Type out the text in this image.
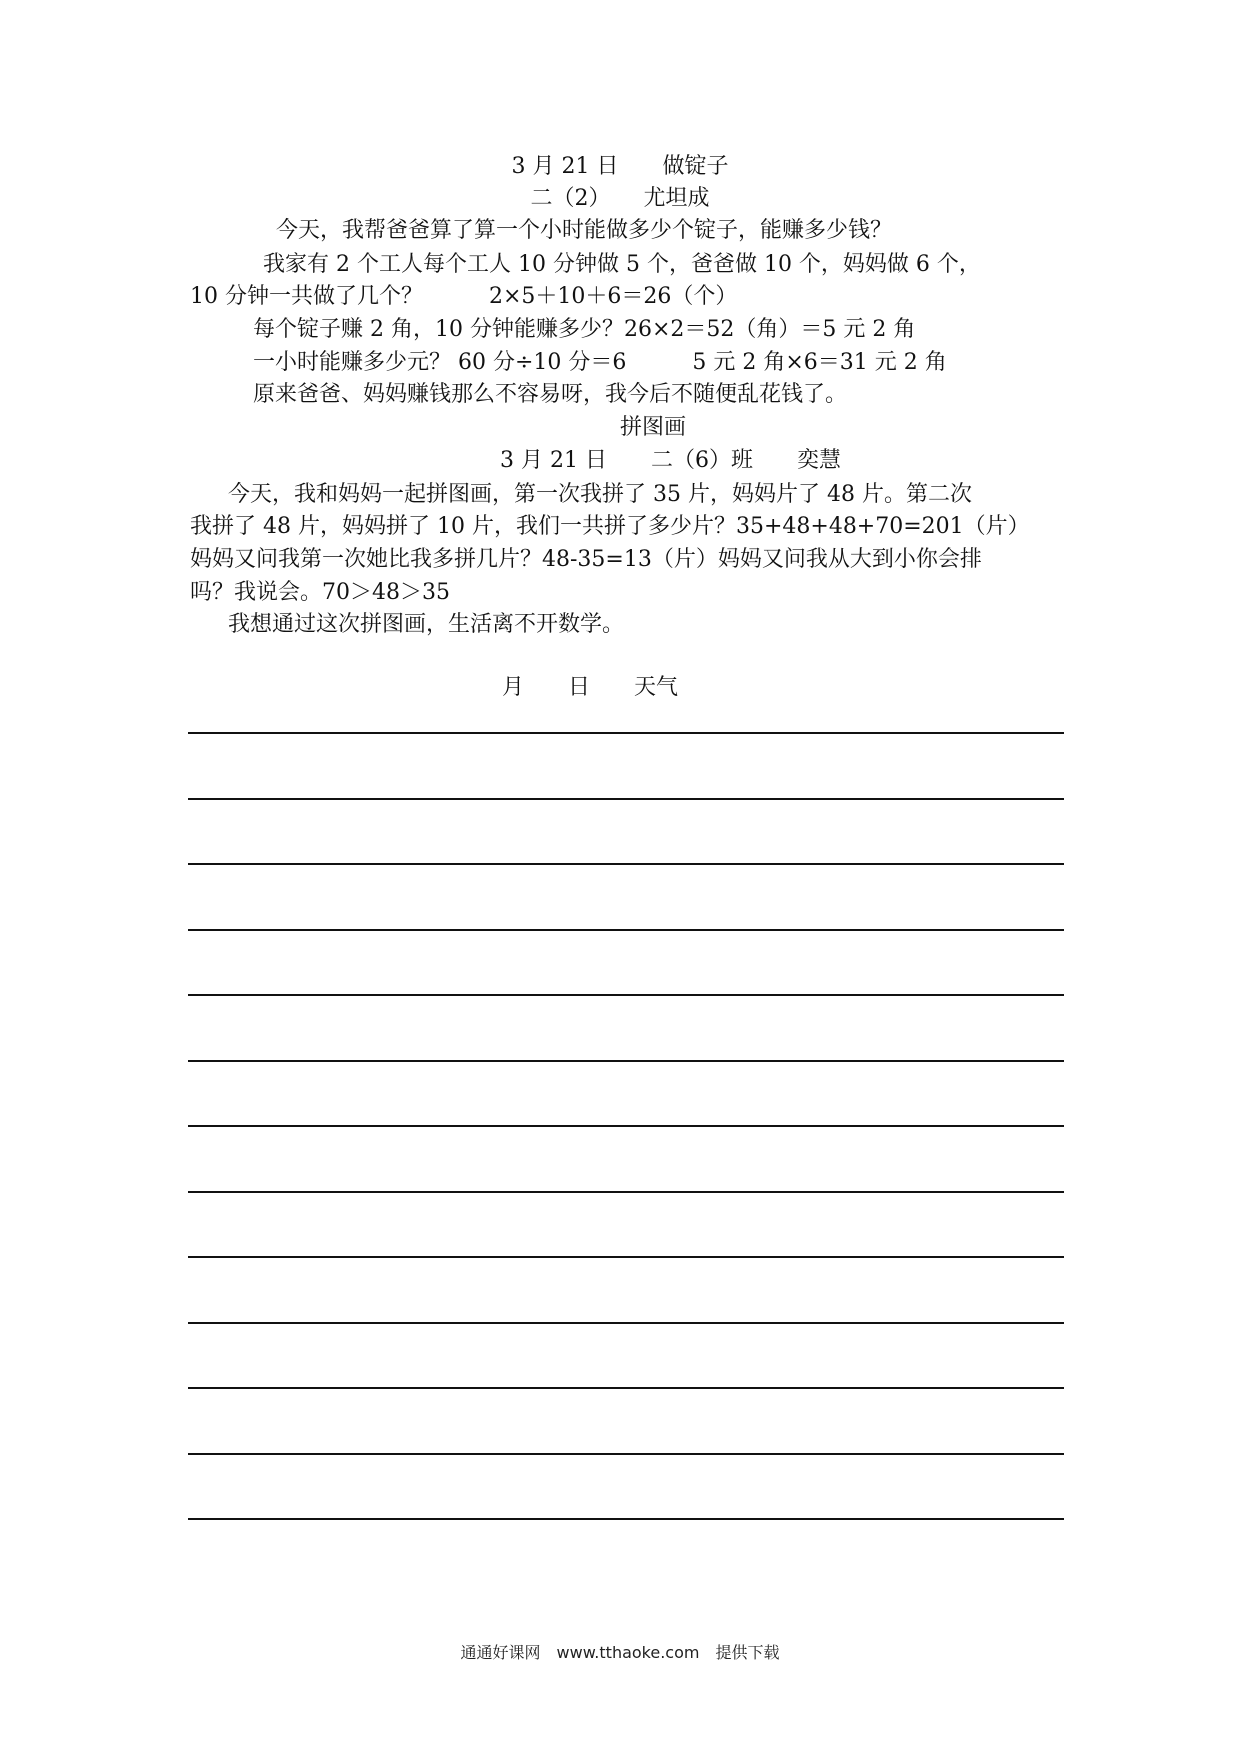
3 月 21 日　　做锭子
二（2）　　尤坦成
今天，我帮爸爸算了算一个小时能做多少个锭子，能赚多少钱？
我家有 2 个工人每个工人 10 分钟做 5 个，爸爸做 10 个，妈妈做 6 个，
10 分钟一共做了几个？　　　2×5＋10＋6＝26（个）
每个锭子赚 2 角，10 分钟能赚多少？26×2＝52（角）＝5 元 2 角
一小时能赚多少元？ 60 分÷10 分＝6　　　5 元 2 角×6＝31 元 2 角
原来爸爸、妈妈赚钱那么不容易呀，我今后不随便乱花钱了。
拼图画
3 月 21 日　　二（6）班　　奕慧
今天，我和妈妈一起拼图画，第一次我拼了 35 片，妈妈片了 48 片。第二次
我拼了 48 片，妈妈拼了 10 片，我们一共拼了多少片？35+48+48+70=201（片）
妈妈又问我第一次她比我多拼几片？48-35=13（片）妈妈又问我从大到小你会排
吗？我说会。70＞48＞35
我想通过这次拼图画，生活离不开数学。
月　　日　　天气
通通好课网　www.tthaoke.com　提供下载
